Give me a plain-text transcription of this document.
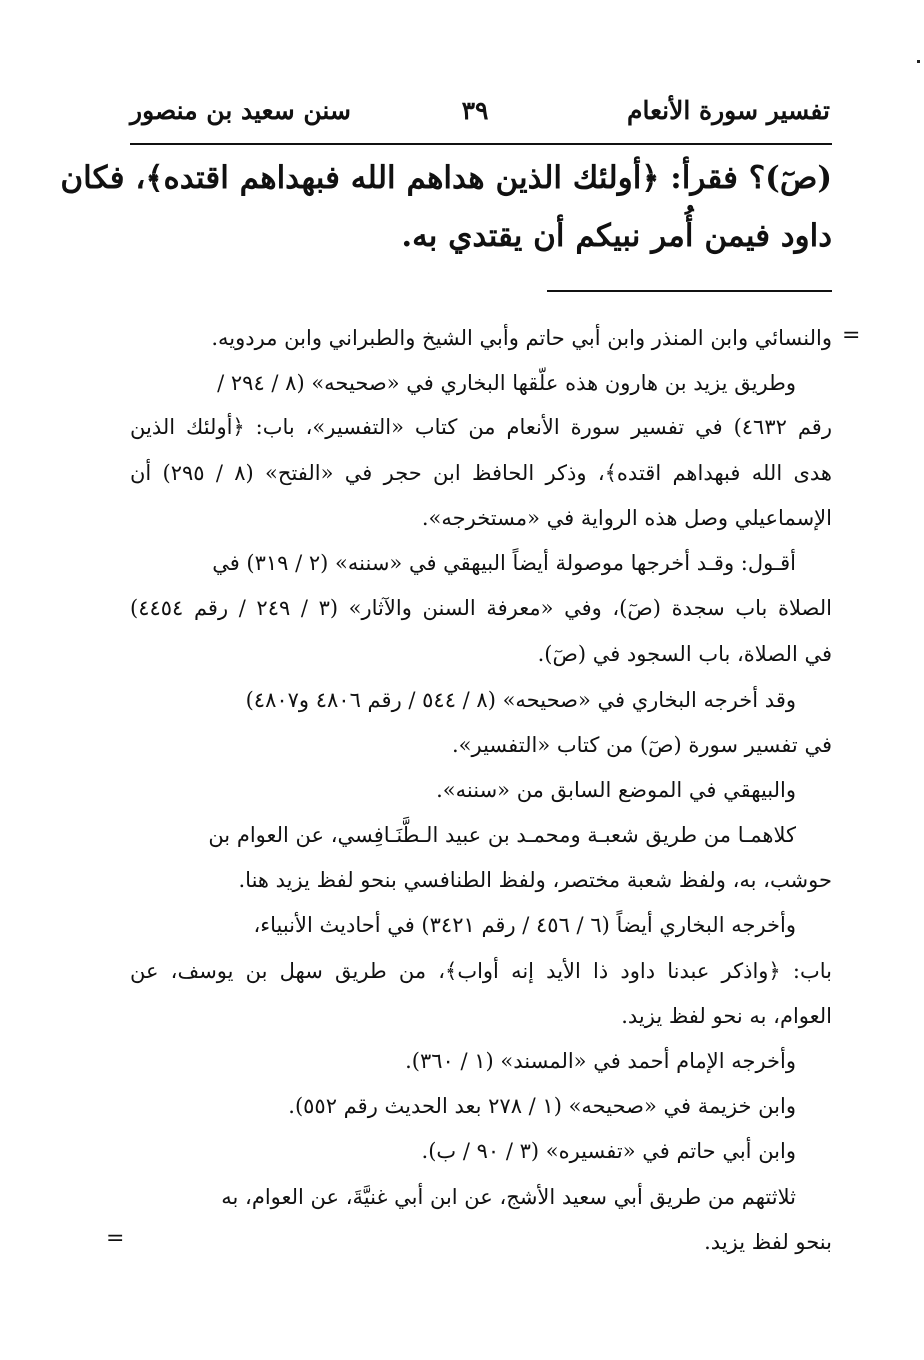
تفسير سورة الأنعام
٣٩
سنن سعيد بن منصور
(صٓ)؟ فقرأ: ﴿أولئك الذين هداهم الله فبهداهم اقتده﴾، فكان
داود فيمن أُمر نبيكم أن يقتدي به.
=
والنسائي وابن المنذر وابن أبي حاتم وأبي الشيخ والطبراني وابن مردويه.
وطريق يزيد بن هارون هذه علّقها البخاري في «صحيحه» (٨ / ٢٩٤ /
رقم ٤٦٣٢) في تفسير سورة الأنعام من كتاب «التفسير»، باب: ﴿أولئك الذين
هدى الله فبهداهم اقتده﴾، وذكر الحافظ ابن حجر في «الفتح» (٨ / ٢٩٥) أن
الإسماعيلي وصل هذه الرواية في «مستخرجه».
أقـول: وقـد أخرجها موصولة أيضاً البيهقي في «سننه» (٢ / ٣١٩) في
الصلاة باب سجدة (صٓ)، وفي «معرفة السنن والآثار» (٣ / ٢٤٩ / رقم ٤٤٥٤)
في الصلاة، باب السجود في (صٓ).
وقد أخرجه البخاري في «صحيحه» (٨ / ٥٤٤ / رقم ٤٨٠٦ و٤٨٠٧)
في تفسير سورة (صٓ) من كتاب «التفسير».
والبيهقي في الموضع السابق من «سننه».
كلاهمـا من طريق شعبـة ومحمـد بن عبيد الـطَّنَـافِسي، عن العوام بن
حوشب، به، ولفظ شعبة مختصر، ولفظ الطنافسي بنحو لفظ يزيد هنا.
وأخرجه البخاري أيضاً (٦ / ٤٥٦ / رقم ٣٤٢١) في أحاديث الأنبياء،
باب: ﴿واذكر عبدنا داود ذا الأيد إنه أواب﴾، من طريق سهل بن يوسف، عن
العوام، به نحو لفظ يزيد.
وأخرجه الإمام أحمد في «المسند» (١ / ٣٦٠).
وابن خزيمة في «صحيحه» (١ / ٢٧٨ بعد الحديث رقم ٥٥٢).
وابن أبي حاتم في «تفسيره» (٣ / ٩٠ / ب).
ثلاثتهم من طريق أبي سعيد الأشج، عن ابن أبي غنيَّةَ، عن العوام، به
بنحو لفظ يزيد.
=
